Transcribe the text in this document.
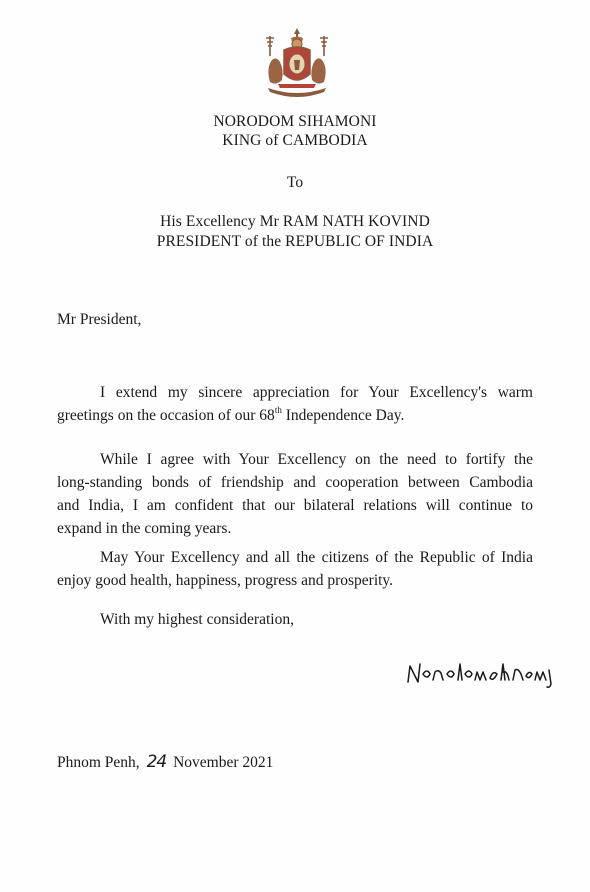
NORODOM SIHAMONI
KING of CAMBODIA
To
His Excellency Mr RAM NATH KOVIND
PRESIDENT of the REPUBLIC OF INDIA
Mr President,
I extend my sincere appreciation for Your Excellency's warm
greetings on the occasion of our 68th Independence Day.
While I agree with Your Excellency on the need to fortify the
long-standing bonds of friendship and cooperation between Cambodia
and India, I am confident that our bilateral relations will continue to
expand in the coming years.
May Your Excellency and all the citizens of the Republic of India
enjoy good health, happiness, progress and prosperity.
With my highest consideration,
Phnom Penh, 24 November 2021
